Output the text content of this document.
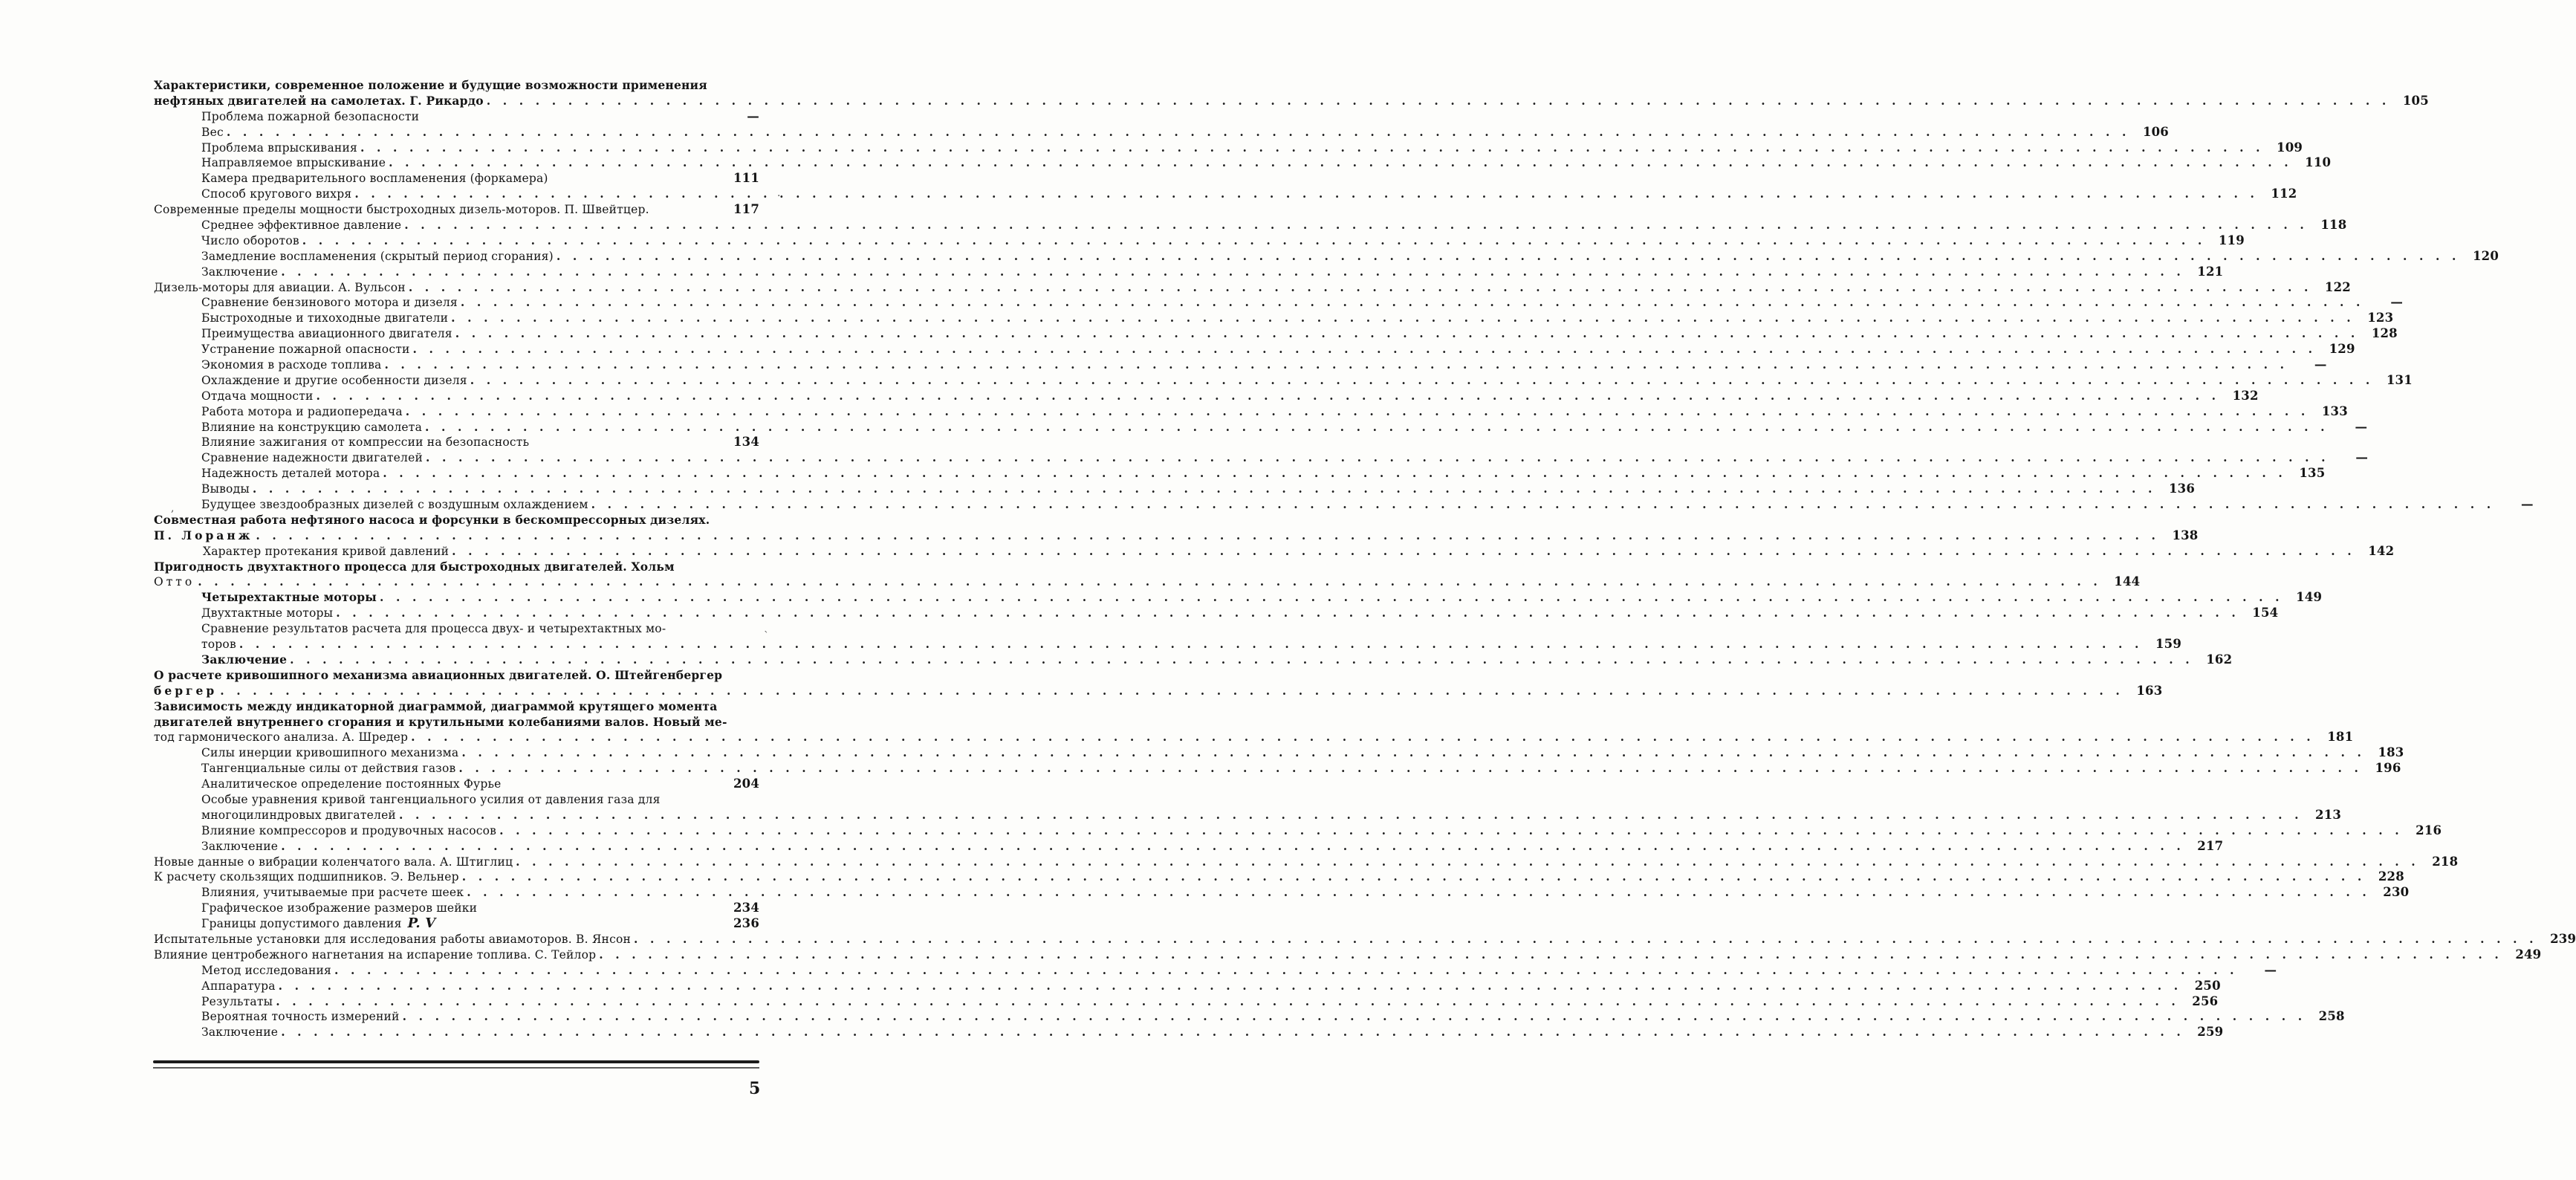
Характеристики, современное положение и будущие возможности применения
нефтяных двигателей на самолетах. Г. Рикардо . . .	105
Проблема пожарной безопасности	—
Вес . . .	106
Проблема впрыскивания . . .	109
Направляемое впрыскивание . . .	110
Камера предварительного воспламенения (форкамера)	111
Способ кругового вихря . . .	112
Современные пределы мощности быстроходных дизель-моторов. П. Швейтцер.	117
Среднее эффективное давление . . .	118
Число оборотов . . .	119
Замедление воспламенения (скрытый период сгорания) . . .	120
Заключение . . .	121
Дизель-моторы для авиации. А. Вульсон . . .	122
Сравнение бензинового мотора и дизеля . . .	—
Быстроходные и тихоходные двигатели . . .	123
Преимущества авиационного двигателя . . .	128
Устранение пожарной опасности . . .	129
Экономия в расходе топлива . . .	—
Охлаждение и другие особенности дизеля . . .	131
Отдача мощности . . .	132
Работа мотора и радиопередача . . .	133
Влияние на конструкцию самолета . . .	—
Влияние зажигания от компрессии на безопасность	134
Сравнение надежности двигателей . . .	—
Надежность деталей мотора . . .	135
Выводы . . .	136
Будущее звездообразных дизелей с воздушным охлаждением . . .	—
Совместная работа нефтяного насоса и форсунки в бескомпрессорных дизелях.
П. Лоранж . . .	138
Характер протекания кривой давлений . . .	142
Пригодность двухтактного процесса для быстроходных двигателей. Хольм
Отто . . .	144
Четырехтактные моторы . . .	149
Двухтактные моторы . . .	154
Сравнение результатов расчета для процесса двух- и четырехтактных мо-
торов . . .	159
Заключение . . .	162
О расчете кривошипного механизма авиационных двигателей. О. Штейгенбергер
бергер . . .	163
Зависимость между индикаторной диаграммой, диаграммой крутящего момента
двигателей внутреннего сгорания и крутильными колебаниями валов. Новый ме-
тод гармонического анализа. А. Шредер . . .	181
Силы инерции кривошипного механизма . . .	183
Тангенциальные силы от действия газов . . .	196
Аналитическое определение постоянных Фурье	204
Особые уравнения кривой тангенциального усилия от давления газа для
многоцилиндровых двигателей . . .	213
Влияние компрессоров и продувочных насосов . . .	216
Заключение . . .	217
Новые данные о вибрации коленчатого вала. А. Штиглиц . . .	218
К расчету скользящих подшипников. Э. Вельнер . . .	228
Влияния, учитываемые при расчете шеек . . .	230
Графическое изображение размеров шейки	234
Границы допустимого давления P. V	236
Испытательные установки для исследования работы авиамоторов. В. Янсон . . .	239
Влияние центробежного нагнетания на испарение топлива. С. Тейлор . . .	249
Метод исследования . . .	—
Аппаратура . . .	250
Результаты . . .	256
Вероятная точность измерений . . .	258
Заключение . . .	259
5
·
`
,
